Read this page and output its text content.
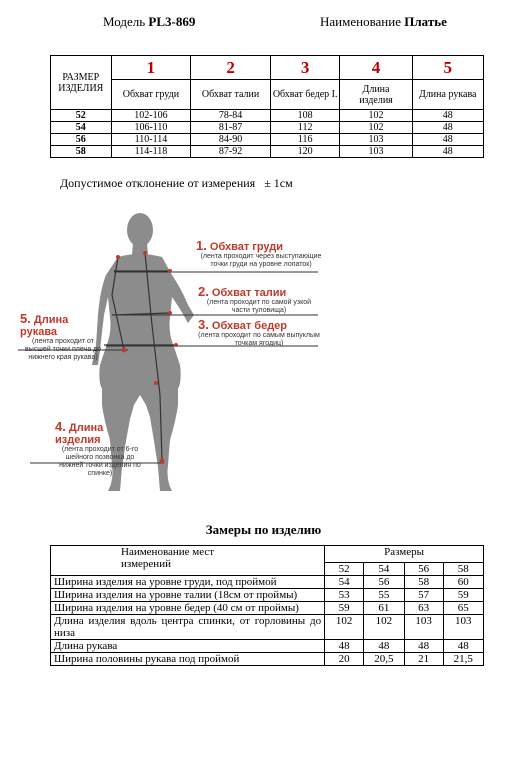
Модель PL3-869	Наименование Платье
РАЗМЕР ИЗДЕЛИЯ	1	2	3	4	5
	Обхват груди	Обхват талии	Обхват бедер I.	Длина изделия	Длина рукава
52	102-106	78-84	108	102	48
54	106-110	81-87	112	102	48
56	110-114	84-90	116	103	48
58	114-118	87-92	120	103	48
Допустимое отклонение от измерения ± 1см
1. Обхват груди
(лента проходит через выступающие точки груди на уровне лопаток)
2. Обхват талии
(лента проходит по самой узкой части туловища)
3. Обхват бедер
(лента проходит по самым выпуклым точкам ягодиц)
5. Длина рукава
(лента проходит от высшей точки плеча до нижнего края рукава)
4. Длина изделия
(лента проходит от 6-го шейного позвонка до нижней точки изделия по спинке)
Замеры по изделию
Наименование мест измерений	Размеры			
	52	54	56	58
Ширина изделия на уровне груди, под проймой	54	56	58	60
Ширина изделия на уровне талии (18см от проймы)	53	55	57	59
Ширина изделия на уровне бедер (40 см от проймы)	59	61	63	65
Длина изделия вдоль центра спинки, от горловины до низа	102	102	103	103
Длина рукава	48	48	48	48
Ширина половины рукава под проймой	20	20,5	21	21,5
